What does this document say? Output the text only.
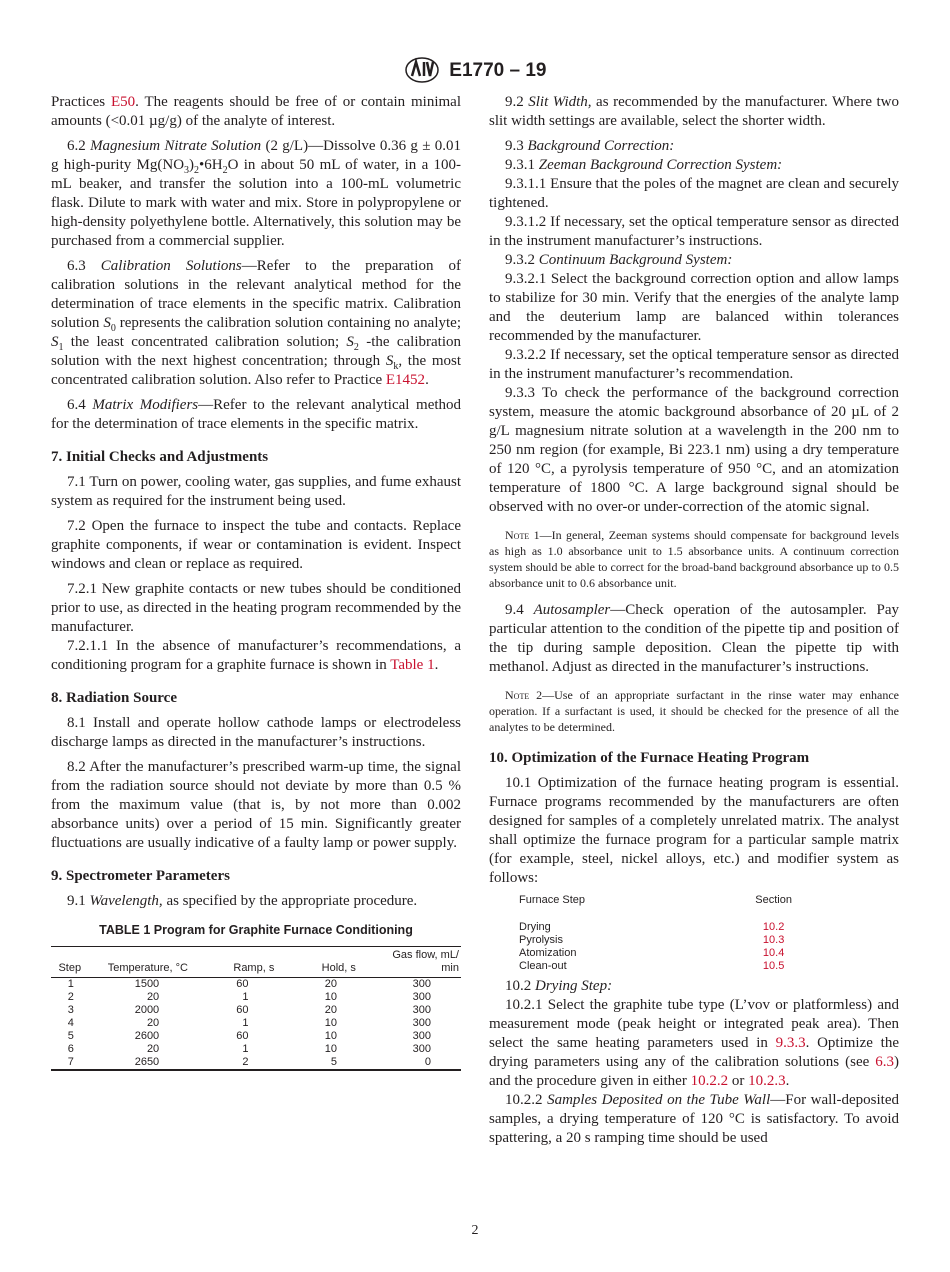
E1770 – 19
Practices E50. The reagents should be free of or contain minimal amounts (<0.01 µg/g) of the analyte of interest.
6.2 Magnesium Nitrate Solution (2 g/L)—Dissolve 0.36 g ± 0.01 g high-purity $Mg(NO_3)_2•6H_2O$ in about 50 mL of water, in a 100-mL beaker, and transfer the solution into a 100-mL volumetric flask. Dilute to mark with water and mix. Store in polypropylene or high-density polyethylene bottle. Alternatively, this solution may be purchased from a commercial supplier.
6.3 Calibration Solutions—Refer to the preparation of calibration solutions in the relevant analytical method for the determination of trace elements in the specific matrix. Calibration solution $S_0$ represents the calibration solution containing no analyte; $S_1$ the least concentrated calibration solution; $S_2$ -the calibration solution with the next highest concentration; through $S_k$, the most concentrated calibration solution. Also refer to Practice E1452.
6.4 Matrix Modifiers—Refer to the relevant analytical method for the determination of trace elements in the specific matrix.
7. Initial Checks and Adjustments
7.1 Turn on power, cooling water, gas supplies, and fume exhaust system as required for the instrument being used.
7.2 Open the furnace to inspect the tube and contacts. Replace graphite components, if wear or contamination is evident. Inspect windows and clean or replace as required.
7.2.1 New graphite contacts or new tubes should be conditioned prior to use, as directed in the heating program recommended by the manufacturer.
7.2.1.1 In the absence of manufacturer’s recommendations, a conditioning program for a graphite furnace is shown in Table 1.
8. Radiation Source
8.1 Install and operate hollow cathode lamps or electrodeless discharge lamps as directed in the manufacturer’s instructions.
8.2 After the manufacturer’s prescribed warm-up time, the signal from the radiation source should not deviate by more than 0.5 % from the maximum value (that is, by not more than 0.002 absorbance units) over a period of 15 min. Significantly greater fluctuations are usually indicative of a faulty lamp or power supply.
9. Spectrometer Parameters
9.1 Wavelength, as specified by the appropriate procedure.
TABLE 1 Program for Graphite Furnace Conditioning
Step	Temperature, °C	Ramp, s	Hold, s	Gas flow, mL/ min
1	1500	60	20	300
2	20	1	10	300
3	2000	60	20	300
4	20	1	10	300
5	2600	60	10	300
6	20	1	10	300
7	2650	2	5	0
9.2 Slit Width, as recommended by the manufacturer. Where two slit width settings are available, select the shorter width.
9.3 Background Correction:
9.3.1 Zeeman Background Correction System:
9.3.1.1 Ensure that the poles of the magnet are clean and securely tightened.
9.3.1.2 If necessary, set the optical temperature sensor as directed in the instrument manufacturer’s instructions.
9.3.2 Continuum Background System:
9.3.2.1 Select the background correction option and allow lamps to stabilize for 30 min. Verify that the energies of the analyte lamp and the deuterium lamp are balanced within tolerances recommended by the manufacturer.
9.3.2.2 If necessary, set the optical temperature sensor as directed in the instrument manufacturer’s recommendation.
9.3.3 To check the performance of the background correction system, measure the atomic background absorbance of 20 µL of 2 g/L magnesium nitrate solution at a wavelength in the 200 nm to 250 nm region (for example, Bi 223.1 nm) using a dry temperature of 120 °C, a pyrolysis temperature of 950 °C, and an atomization temperature of 1800 °C. A large background signal should be observed with no over-or under-correction of the atomic signal.
Note 1—In general, Zeeman systems should compensate for background levels as high as 1.0 absorbance unit to 1.5 absorbance units. A continuum correction system should be able to correct for the broad-band background absorbance up to 0.5 absorbance unit to 0.6 absorbance unit.
9.4 Autosampler—Check operation of the autosampler. Pay particular attention to the condition of the pipette tip and position of the tip during sample deposition. Clean the pipette tip with methanol. Adjust as directed in the manufacturer’s instructions.
Note 2—Use of an appropriate surfactant in the rinse water may enhance operation. If a surfactant is used, it should be checked for the presence of all the analytes to be determined.
10. Optimization of the Furnace Heating Program
10.1 Optimization of the furnace heating program is essential. Furnace programs recommended by the manufacturers are often designed for samples of a completely unrelated matrix. The analyst shall optimize the furnace program for a particular sample matrix (for example, steel, nickel alloys, etc.) and modifier system as follows:
Furnace Step	Section
Drying	10.2
Pyrolysis	10.3
Atomization	10.4
Clean-out	10.5
10.2 Drying Step:
10.2.1 Select the graphite tube type (L’vov or platformless) and measurement mode (peak height or integrated peak area). Then select the same heating parameters used in 9.3.3. Optimize the drying parameters using any of the calibration solutions (see 6.3) and the procedure given in either 10.2.2 or 10.2.3.
10.2.2 Samples Deposited on the Tube Wall—For wall-deposited samples, a drying temperature of 120 °C is satisfactory. To avoid spattering, a 20 s ramping time should be used
2
